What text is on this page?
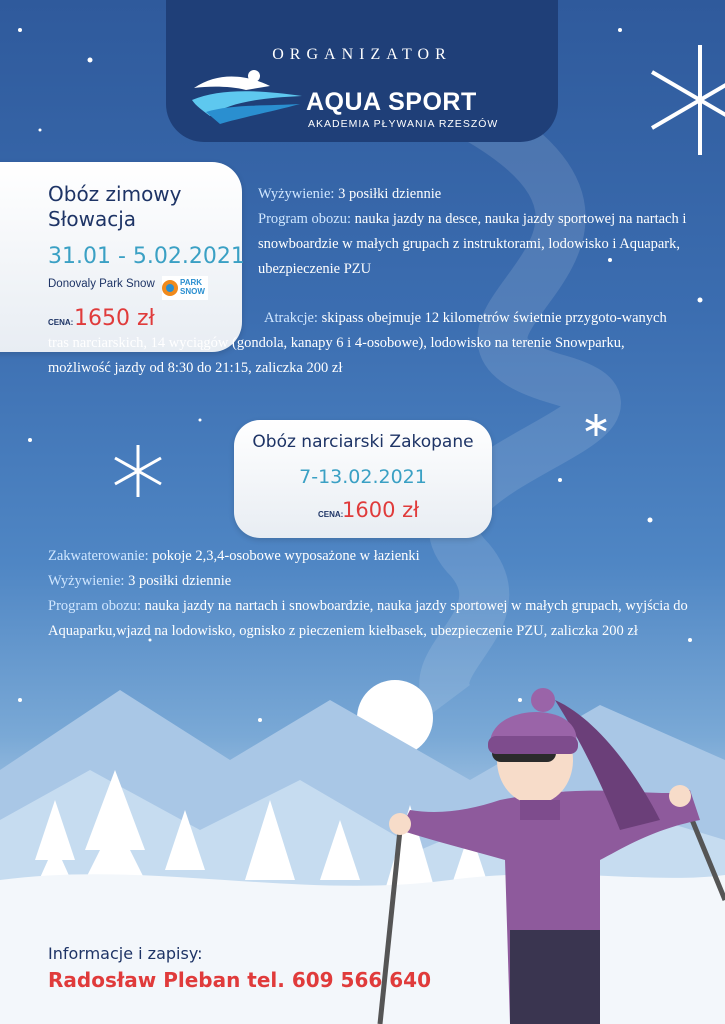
ORGANIZATOR
AQUA SPORT
AKADEMIA PŁYWANIA RZESZÓW
Obóz zimowy
Słowacja
31.01 - 5.02.2021
Donovaly Park Snow	PARK
SNOW
CENA: 1650 zł
Wyżywienie: 3 posiłki dziennie
Program obozu: nauka jazdy na desce, nauka jazdy sportowej na nartach i snowboardzie w małych grupach z instruktorami, lodowisko i Aquapark, ubezpieczenie PZU
Atrakcje: skipass obejmuje 12 kilometrów świetnie przygoto-wanych tras narciarskich, 14 wyciągów (gondola, kanapy 6 i 4-osobowe), lodowisko na terenie Snowparku, możliwość jazdy od 8:30 do 21:15, zaliczka 200 zł
Obóz narciarski Zakopane
7-13.02.2021
CENA:
1600 zł
Zakwaterowanie: pokoje 2,3,4-osobowe wyposażone w łazienki
Wyżywienie: 3 posiłki dziennie
Program obozu: nauka jazdy na nartach i snowboardzie, nauka jazdy sportowej w małych grupach, wyjścia do Aquaparku,wjazd na lodowisko, ognisko z pieczeniem kiełbasek, ubezpieczenie PZU, zaliczka 200 zł
Informacje i zapisy:
Radosław Pleban tel. 609 566 640
